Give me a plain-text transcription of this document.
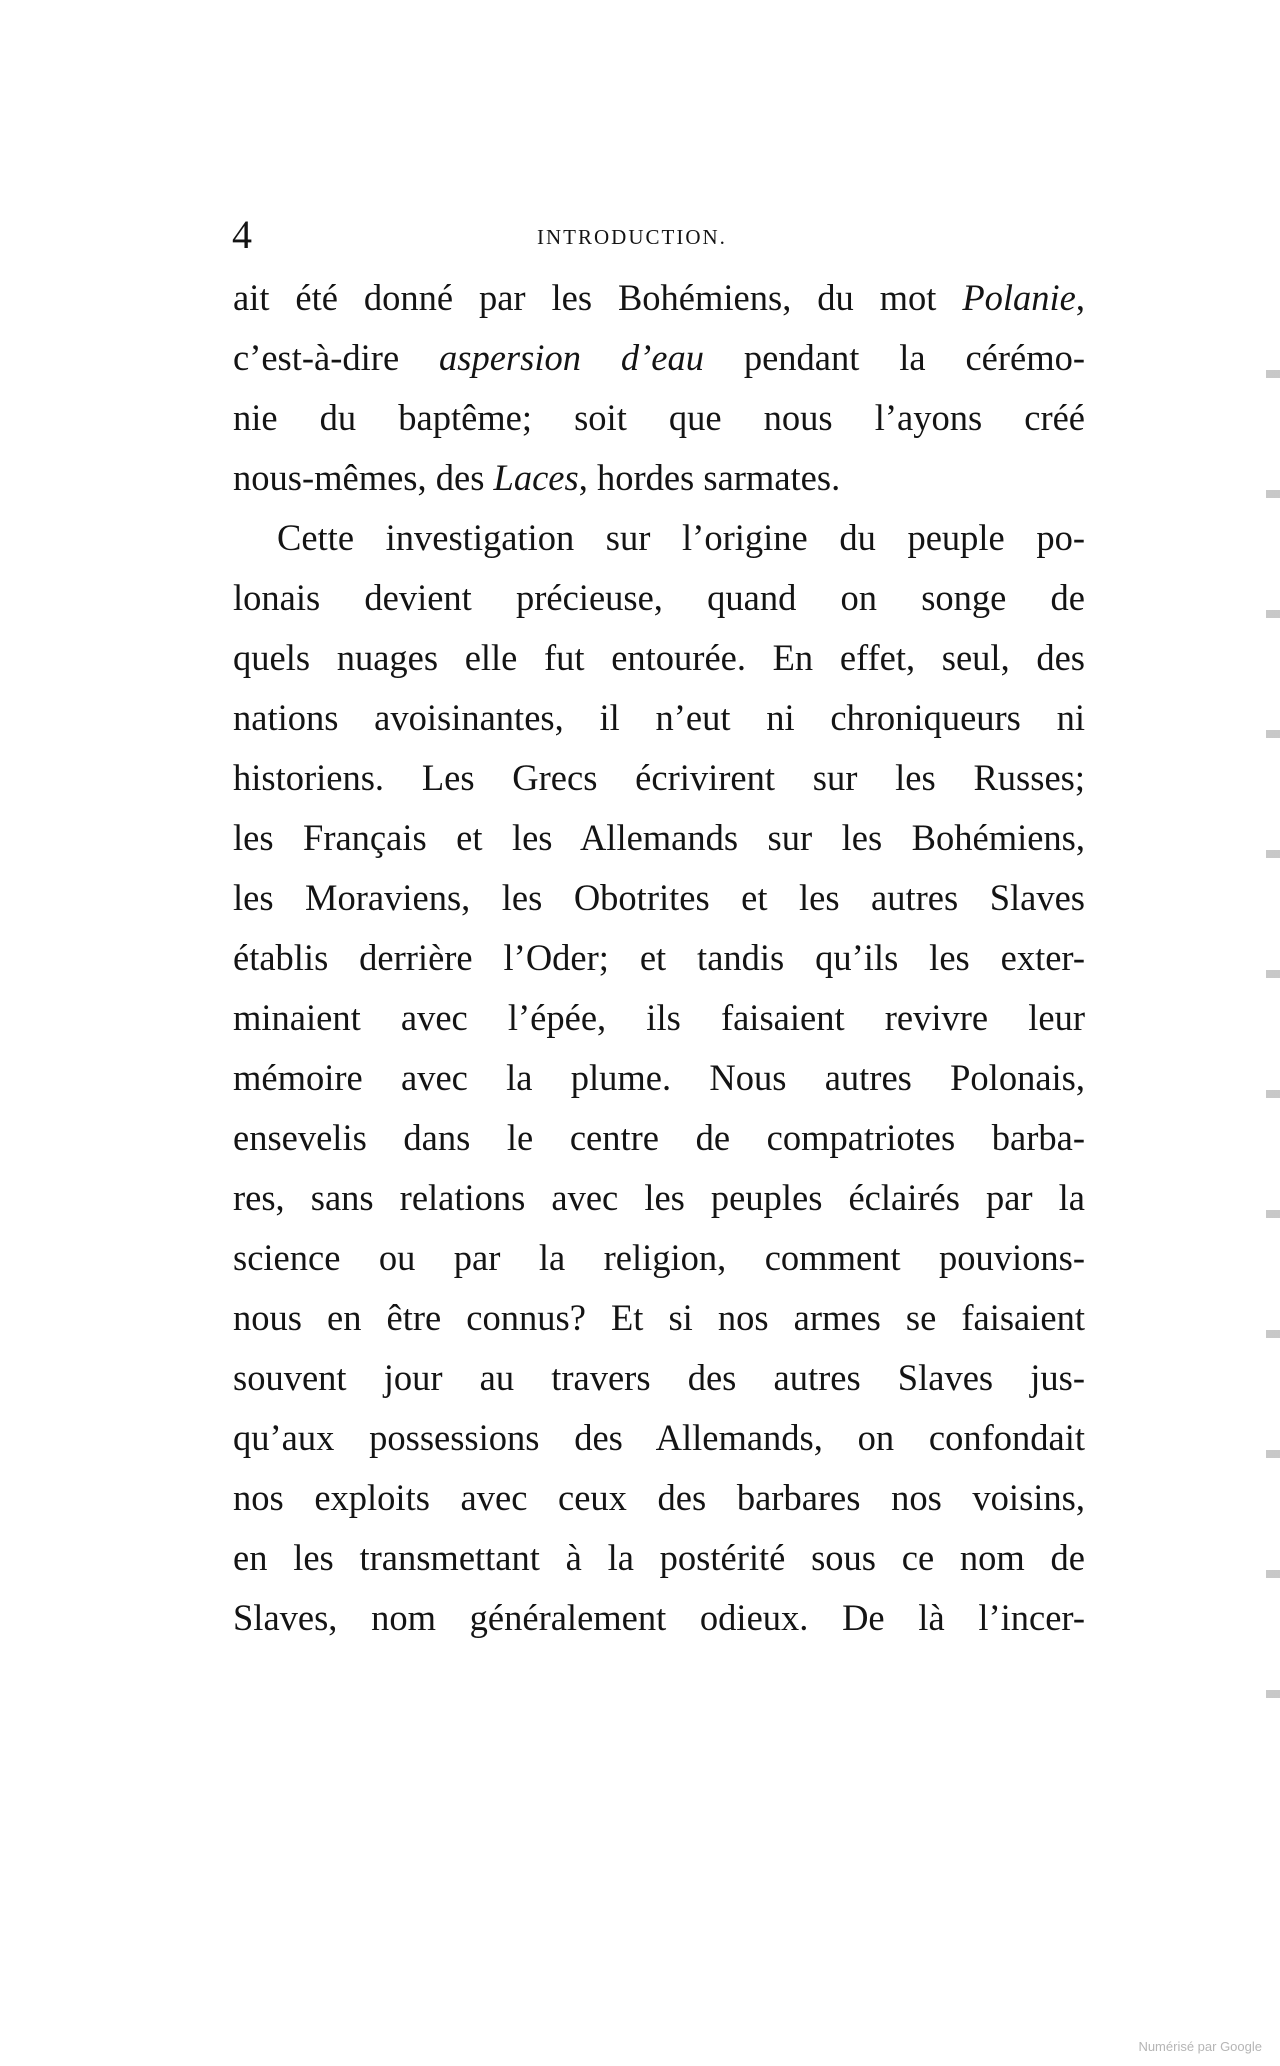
4	INTRODUCTION.
ait été donné par les Bohémiens, du mot Polanie,
c’est-à-dire aspersion d’eau pendant la cérémo-
nie du baptême; soit que nous l’ayons créé
nous-mêmes, des Laces, hordes sarmates.
Cette investigation sur l’origine du peuple po-
lonais devient précieuse, quand on songe de
quels nuages elle fut entourée. En effet, seul, des
nations avoisinantes, il n’eut ni chroniqueurs ni
historiens. Les Grecs écrivirent sur les Russes;
les Français et les Allemands sur les Bohémiens,
les Moraviens, les Obotrites et les autres Slaves
établis derrière l’Oder; et tandis qu’ils les exter-
minaient avec l’épée, ils faisaient revivre leur
mémoire avec la plume. Nous autres Polonais,
ensevelis dans le centre de compatriotes barba-
res, sans relations avec les peuples éclairés par la
science ou par la religion, comment pouvions-
nous en être connus? Et si nos armes se faisaient
souvent jour au travers des autres Slaves jus-
qu’aux possessions des Allemands, on confondait
nos exploits avec ceux des barbares nos voisins,
en les transmettant à la postérité sous ce nom de
Slaves, nom généralement odieux. De là l’incer-
Numérisé par Google
